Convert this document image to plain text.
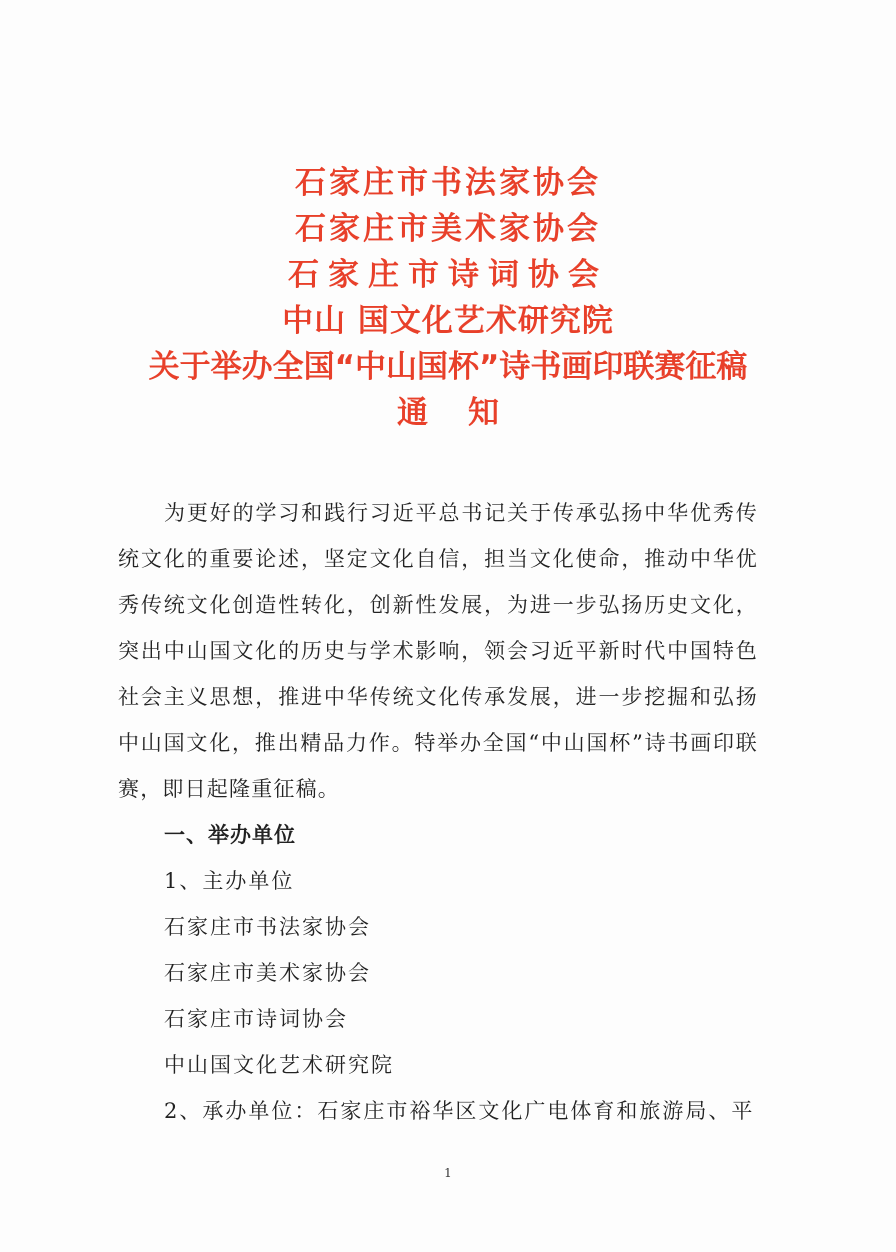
石家庄市书法家协会
石家庄市美术家协会
石家庄市诗词协会
中山 国文化艺术研究院
关于举办全国“中山国杯”诗书画印联赛征稿
通知

为更好的学习和践行习近平总书记关于传承弘扬中华优秀传统文化的重要论述，坚定文化自信，担当文化使命，推动中华优秀传统文化创造性转化，创新性发展，为进一步弘扬历史文化，突出中山国文化的历史与学术影响，领会习近平新时代中国特色社会主义思想，推进中华传统文化传承发展，进一步挖掘和弘扬中山国文化，推出精品力作。特举办全国“中山国杯”诗书画印联赛，即日起隆重征稿。

一、举办单位

1、主办单位

石家庄市书法家协会

石家庄市美术家协会

石家庄市诗词协会

中山国文化艺术研究院

2、承办单位：石家庄市裕华区文化广电体育和旅游局、平

1
